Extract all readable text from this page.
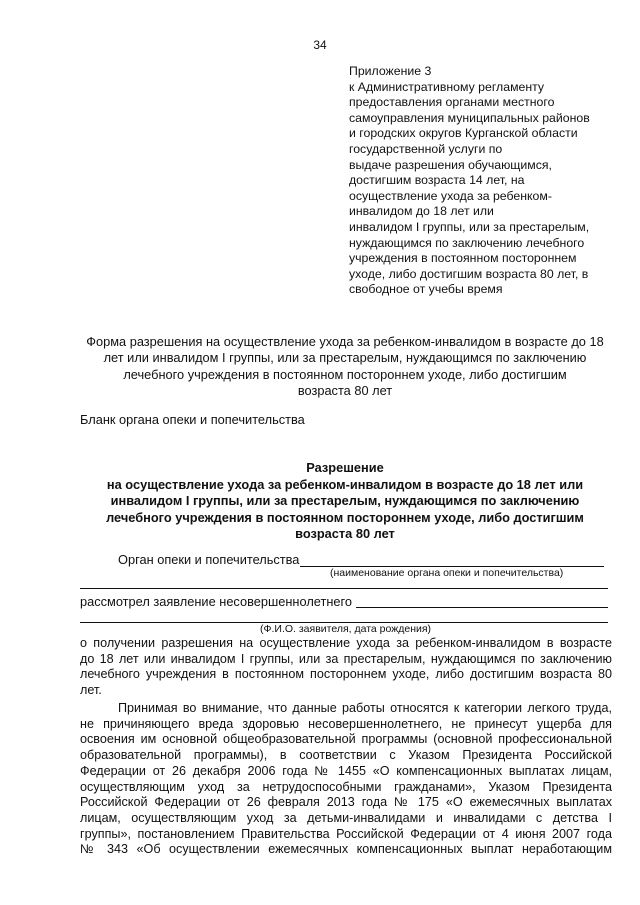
34
Приложение 3
к Административному регламенту
предоставления органами местного
самоуправления муниципальных районов
и городских округов Курганской области
государственной услуги по
выдаче разрешения обучающимся,
достигшим возраста 14 лет, на
осуществление ухода за ребенком-
инвалидом до 18 лет или
инвалидом I группы, или за престарелым,
нуждающимся по заключению лечебного
учреждения в постоянном постороннем
уходе, либо достигшим возраста 80 лет, в
свободное от учебы время
Форма разрешения на осуществление ухода за ребенком-инвалидом в возрасте до 18
лет или инвалидом I группы, или за престарелым, нуждающимся по заключению
лечебного учреждения в постоянном постороннем уходе, либо достигшим
возраста 80 лет
Бланк органа опеки и попечительства
Разрешение
на осуществление ухода за ребенком-инвалидом в возрасте до 18 лет или
инвалидом I группы, или за престарелым, нуждающимся по заключению
лечебного учреждения в постоянном постороннем уходе, либо достигшим
возраста 80 лет
Орган опеки и попечительства
(наименование органа опеки и попечительства)
рассмотрел заявление несовершеннолетнего
(Ф.И.О. заявителя, дата рождения)
о получении разрешения на осуществление ухода за ребенком-инвалидом в возрасте
до 18 лет или инвалидом I группы, или за престарелым, нуждающимся по заключению
лечебного учреждения в постоянном постороннем уходе, либо достигшим возраста 80
лет.
Принимая во внимание, что данные работы относятся к категории легкого труда,
не причиняющего вреда здоровью несовершеннолетнего, не принесут ущерба для
освоения им основной общеобразовательной программы (основной профессиональной
образовательной программы), в соответствии с Указом Президента Российской
Федерации от 26 декабря 2006 года № 1455 «О компенсационных выплатах лицам,
осуществляющим уход за нетрудоспособными гражданами», Указом Президента
Российской Федерации от 26 февраля 2013 года № 175 «О ежемесячных выплатах
лицам, осуществляющим уход за детьми-инвалидами и инвалидами с детства I
группы», постановлением Правительства Российской Федерации от 4 июня 2007 года
№ 343 «Об осуществлении ежемесячных компенсационных выплат неработающим
